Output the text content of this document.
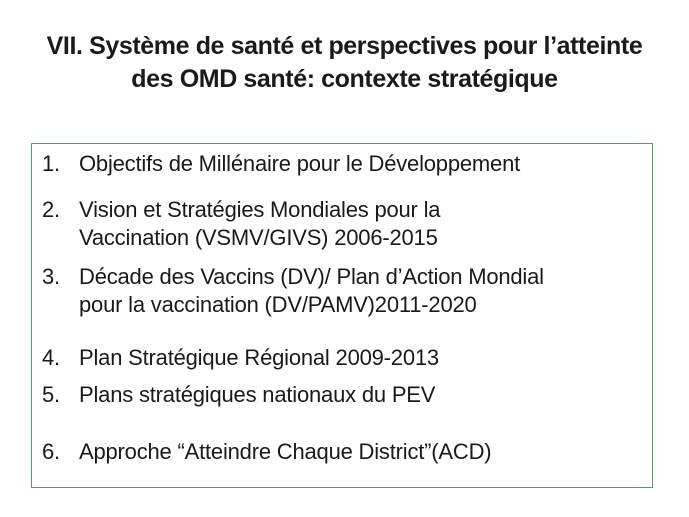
VII. Système de santé et perspectives pour l’atteinte
des OMD santé: contexte stratégique
1. Objectifs de Millénaire pour le Développement
2. Vision et Stratégies Mondiales pour la
Vaccination (VSMV/GIVS) 2006-2015
3. Décade des Vaccins (DV)/ Plan d’Action Mondial
pour la vaccination (DV/PAMV)2011-2020
4. Plan Stratégique Régional 2009-2013
5. Plans stratégiques nationaux du PEV
6. Approche “Atteindre Chaque District”(ACD)
